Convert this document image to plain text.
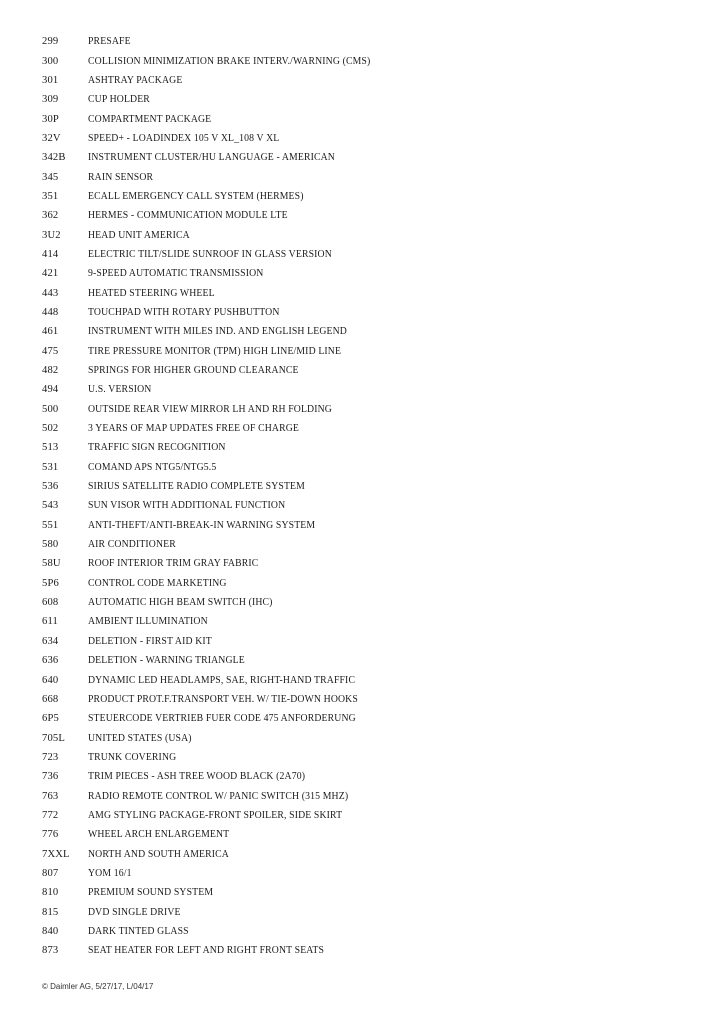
299	PRESAFE
300	COLLISION MINIMIZATION BRAKE INTERV./WARNING (CMS)
301	ASHTRAY PACKAGE
309	CUP HOLDER
30P	COMPARTMENT PACKAGE
32V	SPEED+ - LOADINDEX 105 V XL_108 V XL
342B	INSTRUMENT CLUSTER/HU LANGUAGE - AMERICAN
345	RAIN SENSOR
351	ECALL EMERGENCY CALL SYSTEM (HERMES)
362	HERMES - COMMUNICATION MODULE LTE
3U2	HEAD UNIT AMERICA
414	ELECTRIC TILT/SLIDE SUNROOF IN GLASS VERSION
421	9-SPEED AUTOMATIC TRANSMISSION
443	HEATED STEERING WHEEL
448	TOUCHPAD WITH ROTARY PUSHBUTTON
461	INSTRUMENT WITH MILES IND. AND ENGLISH LEGEND
475	TIRE PRESSURE MONITOR (TPM) HIGH LINE/MID LINE
482	SPRINGS FOR HIGHER GROUND CLEARANCE
494	U.S. VERSION
500	OUTSIDE REAR VIEW MIRROR LH AND RH FOLDING
502	3 YEARS OF MAP UPDATES FREE OF CHARGE
513	TRAFFIC SIGN RECOGNITION
531	COMAND APS NTG5/NTG5.5
536	SIRIUS SATELLITE RADIO COMPLETE SYSTEM
543	SUN VISOR WITH ADDITIONAL FUNCTION
551	ANTI-THEFT/ANTI-BREAK-IN WARNING SYSTEM
580	AIR CONDITIONER
58U	ROOF INTERIOR TRIM GRAY FABRIC
5P6	CONTROL CODE MARKETING
608	AUTOMATIC HIGH BEAM SWITCH (IHC)
611	AMBIENT ILLUMINATION
634	DELETION - FIRST AID KIT
636	DELETION - WARNING TRIANGLE
640	DYNAMIC LED HEADLAMPS, SAE, RIGHT-HAND TRAFFIC
668	PRODUCT PROT.F.TRANSPORT VEH. W/ TIE-DOWN HOOKS
6P5	STEUERCODE VERTRIEB FUER CODE 475 ANFORDERUNG
705L	UNITED STATES (USA)
723	TRUNK COVERING
736	TRIM PIECES - ASH TREE WOOD BLACK (2A70)
763	RADIO REMOTE CONTROL W/ PANIC SWITCH (315 MHZ)
772	AMG STYLING PACKAGE-FRONT SPOILER, SIDE SKIRT
776	WHEEL ARCH ENLARGEMENT
7XXL	NORTH AND SOUTH AMERICA
807	YOM 16/1
810	PREMIUM SOUND SYSTEM
815	DVD SINGLE DRIVE
840	DARK TINTED GLASS
873	SEAT HEATER FOR LEFT AND RIGHT FRONT SEATS
© Daimler AG, 5/27/17, L/04/17
